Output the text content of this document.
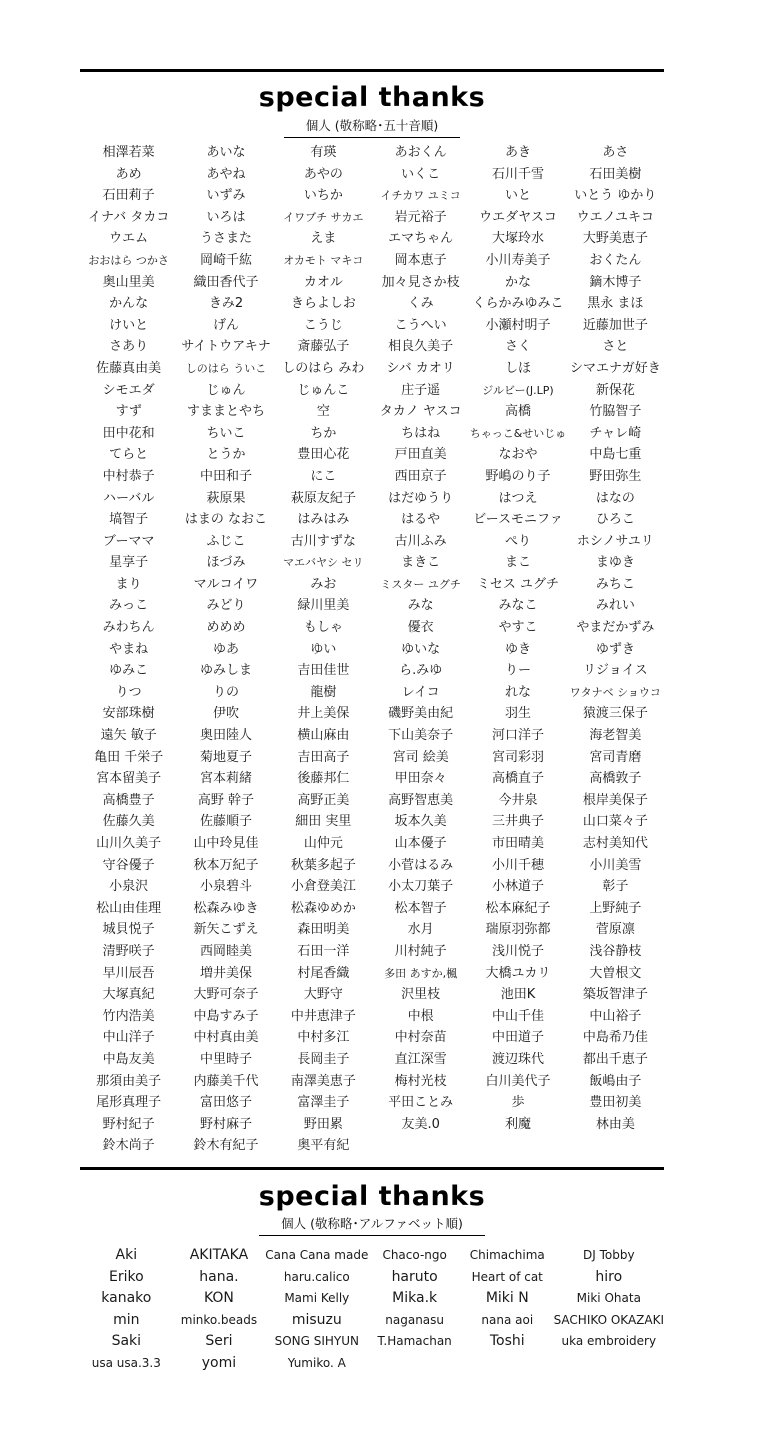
special thanks
個人 (敬称略･五十音順)
相澤若菜	あいな	有瑛	あおくん	あき	あさ
あめ	あやね	あやの	いくこ	石川千雪	石田美樹
石田莉子	いずみ	いちか	イチカワ ユミコ	いと	いとう ゆかり
イナバ タカコ	いろは	イワブチ サカエ	岩元裕子	ウエダヤスコ	ウエノユキコ
ウエム	うさまた	えま	エマちゃん	大塚玲水	大野美恵子
おおはら つかさ	岡崎千紘	オカモト マキコ	岡本恵子	小川寿美子	おくたん
奥山里美	織田香代子	カオル	加々見さか枝	かな	鏑木博子
かんな	きみ2	きらよしお	くみ	くらかみゆみこ	黒永 まほ
けいと	げん	こうじ	こうへい	小瀬村明子	近藤加世子
さあり	サイトウアキナ	斎藤弘子	相良久美子	さく	さと
佐藤真由美	しのはら ういこ	しのはら みわ	シバ カオリ	しほ	シマエナガ好き
シモエダ	じゅん	じゅんこ	庄子遥	ジルビー(J.LP)	新保花
すず	すままとやち	空	タカノ ヤスコ	高橋	竹脇智子
田中花和	ちいこ	ちか	ちはね	ちゃっこ&せいじゅ	チャレ崎
てらと	とうか	豊田心花	戸田直美	なおや	中島七重
中村恭子	中田和子	にこ	西田京子	野嶋のり子	野田弥生
ハーバル	萩原果	萩原友紀子	はだゆうり	はつえ	はなの
塙智子	はまの なおこ	はみはみ	はるや	ビースモニファ	ひろこ
ブーママ	ふじこ	古川すずな	古川ふみ	ぺり	ホシノサユリ
星享子	ほづみ	マエバヤシ セリ	まきこ	まこ	まゆき
まり	マルコイワ	みお	ミスター ユグチ	ミセス ユグチ	みちこ
みっこ	みどり	緑川里美	みな	みなこ	みれい
みわちん	めめめ	もしゃ	優衣	やすこ	やまだかずみ
やまね	ゆあ	ゆい	ゆいな	ゆき	ゆずき
ゆみこ	ゆみしま	吉田佳世	ら.みゆ	りー	リジョイス
りつ	りの	龍樹	レイコ	れな	ワタナベ ショウコ
安部珠樹	伊吹	井上美保	磯野美由紀	羽生	猿渡三保子
遠矢 敏子	奥田陸人	横山麻由	下山美奈子	河口洋子	海老智美
亀田 千栄子	菊地夏子	吉田高子	宮司 絵美	宮司彩羽	宮司青磨
宮本留美子	宮本莉緒	後藤邦仁	甲田奈々	高橋直子	高橋敦子
高橋豊子	高野 幹子	高野正美	高野智恵美	今井泉	根岸美保子
佐藤久美	佐藤順子	細田 実里	坂本久美	三井典子	山口菜々子
山川久美子	山中玲見佳	山仲元	山本優子	市田晴美	志村美知代
守谷優子	秋本万紀子	秋葉多起子	小菅はるみ	小川千穂	小川美雪
小泉沢	小泉碧斗	小倉登美江	小太刀葉子	小林道子	彰子
松山由佳理	松森みゆき	松森ゆめか	松本智子	松本麻紀子	上野純子
城貝悦子	新矢こずえ	森田明美	水月	瑞原羽弥都	菅原凛
清野咲子	西岡睦美	石田一洋	川村純子	浅川悦子	浅谷静枝
早川辰吾	増井美保	村尾香織	多田 あすか,楓	大橋ユカリ	大曽根文
大塚真紀	大野可奈子	大野守	沢里枝	池田K	築坂智津子
竹内浩美	中島すみ子	中井恵津子	中根	中山千佳	中山裕子
中山洋子	中村真由美	中村多江	中村奈苗	中田道子	中島希乃佳
中島友美	中里時子	長岡圭子	直江深雪	渡辺珠代	都出千恵子
那須由美子	内藤美千代	南澤美恵子	梅村光枝	白川美代子	飯嶋由子
尾形真理子	富田悠子	富澤圭子	平田ことみ	歩	豊田初美
野村紀子	野村麻子	野田累	友美.0	利魔	林由美
鈴木尚子	鈴木有紀子	奥平有紀
special thanks
個人 (敬称略･アルファベット順)
Aki	AKITAKA	Cana Cana made	Chaco-ngo	Chimachima	DJ Tobby
Eriko	hana.	haru.calico	haruto	Heart of cat	hiro
kanako	KON	Mami Kelly	Mika.k	Miki N	Miki Ohata
min	minko.beads	misuzu	naganasu	nana aoi	SACHIKO OKAZAKI
Saki	Seri	SONG SIHYUN	T.Hamachan	Toshi	uka embroidery
usa usa.3.3	yomi	Yumiko. A
